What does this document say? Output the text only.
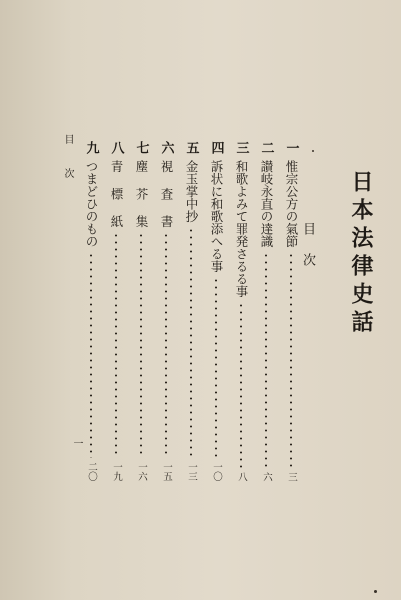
日本法律史話
目
次
一
惟宗公方の氣節
三
二
讃岐永直の達識
六
三
和歌よみて罪発さるる事
八
四
訴状に和歌添へる事
一〇
五
金玉掌中抄
一三
六
視 査 書
一五
七
塵 芥 集
一六
八
青 標 紙
一九
九
つまどひのもの
二〇
目
次
一
